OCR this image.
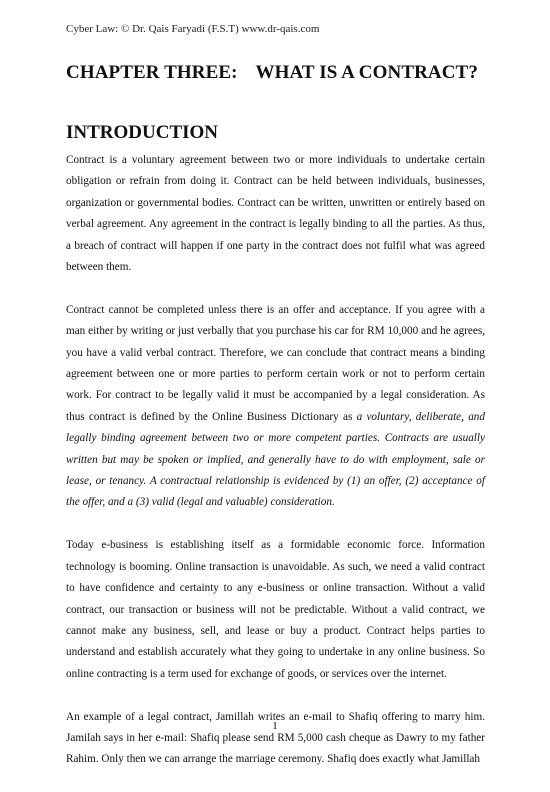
Cyber Law: © Dr. Qais Faryadi (F.S.T) www.dr-qais.com
CHAPTER THREE: WHAT IS A CONTRACT?
INTRODUCTION

Contract is a voluntary agreement between two or more individuals to undertake certain obligation or refrain from doing it. Contract can be held between individuals, businesses, organization or governmental bodies. Contract can be written, unwritten or entirely based on verbal agreement. Any agreement in the contract is legally binding to all the parties. As thus, a breach of contract will happen if one party in the contract does not fulfil what was agreed between them.

Contract cannot be completed unless there is an offer and acceptance. If you agree with a man either by writing or just verbally that you purchase his car for RM 10,000 and he agrees, you have a valid verbal contract. Therefore, we can conclude that contract means a binding agreement between one or more parties to perform certain work or not to perform certain work. For contract to be legally valid it must be accompanied by a legal consideration. As thus contract is defined by the Online Business Dictionary as a voluntary, deliberate, and legally binding agreement between two or more competent parties. Contracts are usually written but may be spoken or implied, and generally have to do with employment, sale or lease, or tenancy. A contractual relationship is evidenced by (1) an offer, (2) acceptance of the offer, and a (3) valid (legal and valuable) consideration.

Today e-business is establishing itself as a formidable economic force. Information technology is booming. Online transaction is unavoidable. As such, we need a valid contract to have confidence and certainty to any e-business or online transaction. Without a valid contract, our transaction or business will not be predictable. Without a valid contract, we cannot make any business, sell, and lease or buy a product. Contract helps parties to understand and establish accurately what they going to undertake in any online business. So online contracting is a term used for exchange of goods, or services over the internet.

An example of a legal contract, Jamillah writes an e-mail to Shafiq offering to marry him. Jamilah says in her e-mail: Shafiq please send RM 5,000 cash cheque as Dawry to my father Rahim. Only then we can arrange the marriage ceremony. Shafiq does exactly what Jamillah

1
